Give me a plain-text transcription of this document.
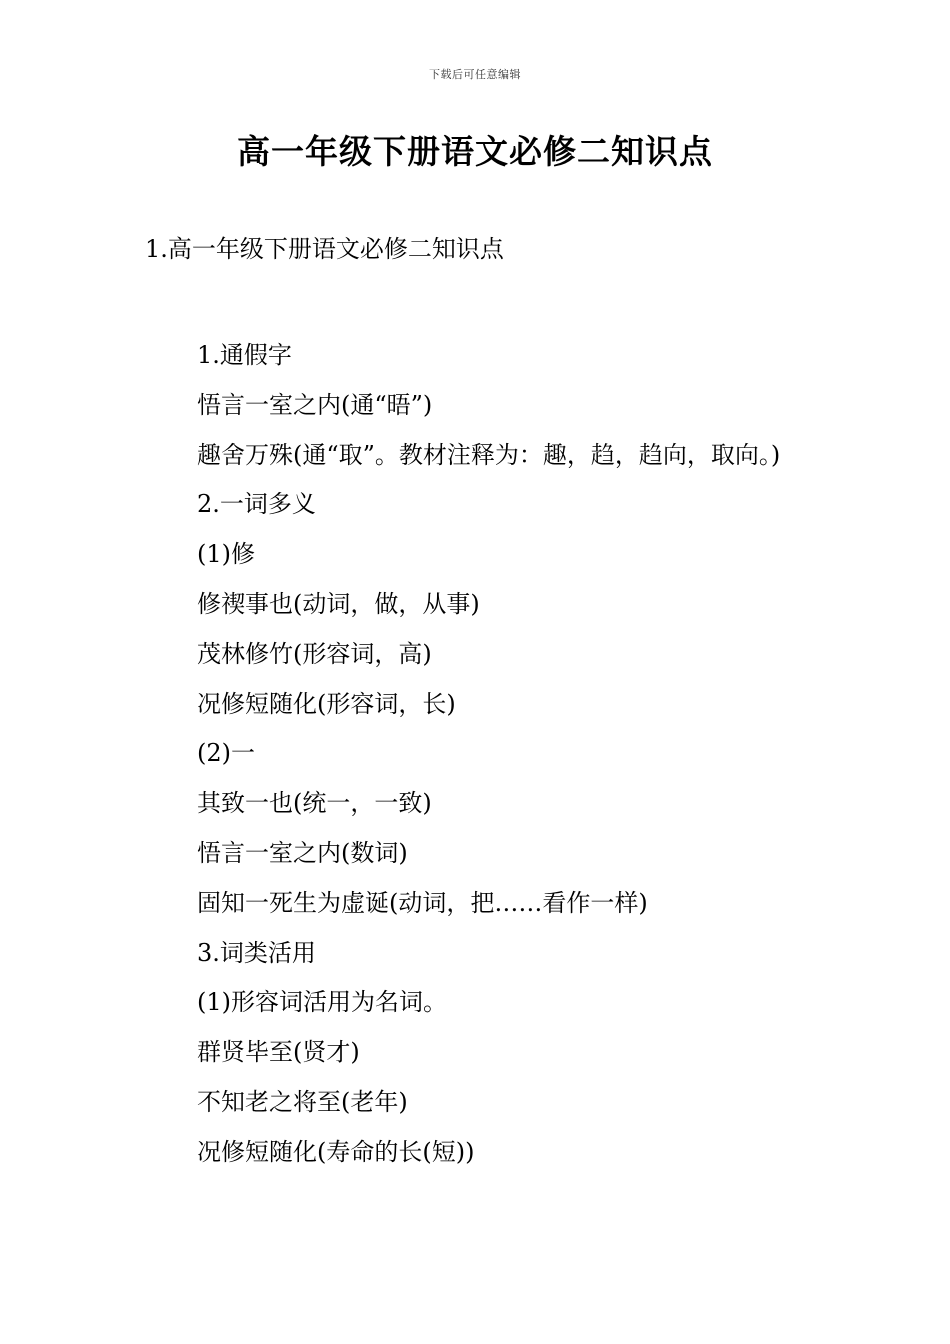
下载后可任意编辑
高一年级下册语文必修二知识点
1.高一年级下册语文必修二知识点

1.通假字

悟言一室之内(通“晤”)

趣舍万殊(通“取”。教材注释为：趣，趋，趋向，取向。)

2.一词多义

(1)修

修禊事也(动词，做，从事)

茂林修竹(形容词，高)

况修短随化(形容词，长)

(2)一

其致一也(统一，一致)

悟言一室之内(数词)

固知一死生为虚诞(动词，把……看作一样)

3.词类活用

(1)形容词活用为名词。

群贤毕至(贤才)

不知老之将至(老年)

况修短随化(寿命的长(短))
